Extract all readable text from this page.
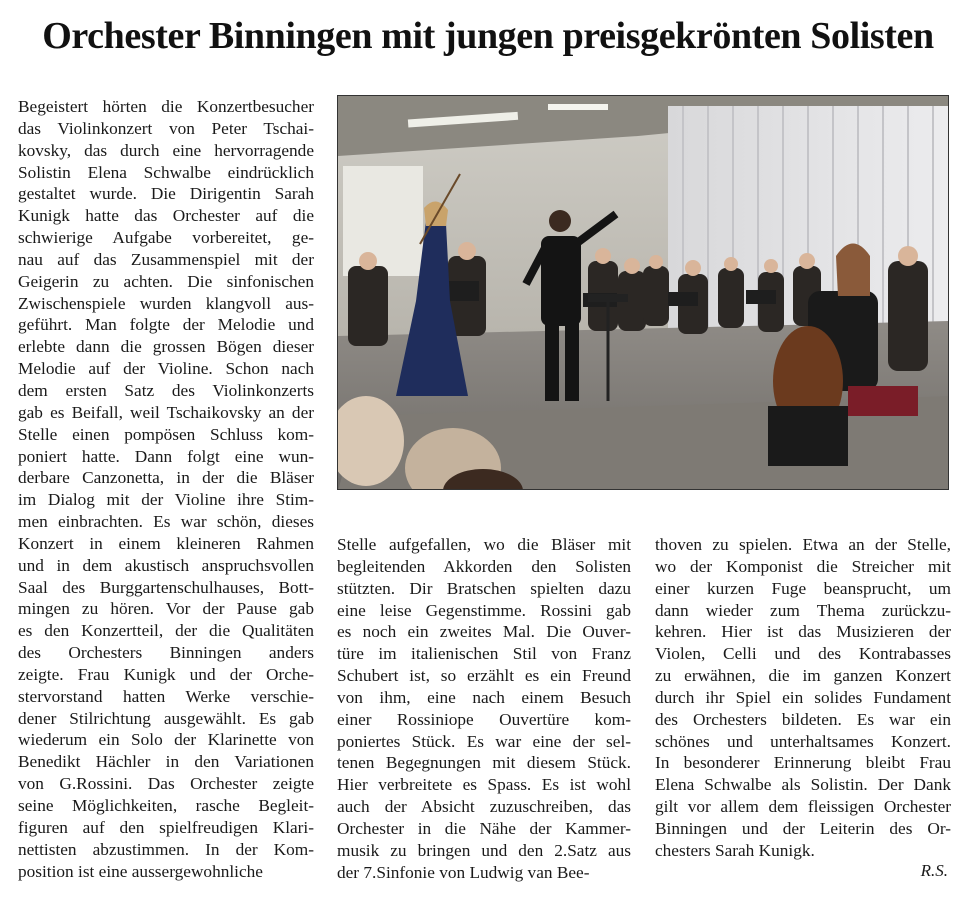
Orchester Binningen mit jungen preisgekrönten Solisten

Begeistert hörten die Konzertbesucher
das Violinkonzert von Peter Tschai-
kovsky, das durch eine hervorragende
Solistin Elena Schwalbe eindrücklich
gestaltet wurde. Die Dirigentin Sarah
Kunigk hatte das Orchester auf die
schwierige Aufgabe vorbereitet, ge-
nau auf das Zusammenspiel mit der
Geigerin zu achten. Die sinfonischen
Zwischenspiele wurden klangvoll aus-
geführt. Man folgte der Melodie und
erlebte dann die grossen Bögen dieser
Melodie auf der Violine. Schon nach
dem ersten Satz des Violinkonzerts
gab es Beifall, weil Tschaikovsky an der
Stelle einen pompösen Schluss kom-
poniert hatte. Dann folgt eine wun-
derbare Canzonetta, in der die Bläser
im Dialog mit der Violine ihre Stim-
men einbrachten. Es war schön, dieses
Konzert in einem kleineren Rahmen
und in dem akustisch anspruchsvollen
Saal des Burggartenschulhauses, Bott-
mingen zu hören. Vor der Pause gab
es den Konzertteil, der die Qualitäten
des Orchesters Binningen anders
zeigte. Frau Kunigk und der Orche-
stervorstand hatten Werke verschie-
dener Stilrichtung ausgewählt. Es gab
wiederum ein Solo der Klarinette von
Benedikt Hächler in den Variationen
von G.Rossini. Das Orchester zeigte
seine Möglichkeiten, rasche Begleit-
figuren auf den spielfreudigen Klari-
nettisten abzustimmen. In der Kom-
position ist eine aussergewohnliche

Stelle aufgefallen, wo die Bläser mit
begleitenden Akkorden den Solisten
stützten. Dir Bratschen spielten dazu
eine leise Gegenstimme. Rossini gab
es noch ein zweites Mal. Die Ouver-
türe im italienischen Stil von Franz
Schubert ist, so erzählt es ein Freund
von ihm, eine nach einem Besuch
einer Rossiniope Ouvertüre kom-
poniertes Stück. Es war eine der sel-
tenen Begegnungen mit diesem Stück.
Hier verbreitete es Spass. Es ist wohl
auch der Absicht zuzuschreiben, das
Orchester in die Nähe der Kammer-
musik zu bringen und den 2.Satz aus
der 7.Sinfonie von Ludwig van Bee-

thoven zu spielen. Etwa an der Stelle,
wo der Komponist die Streicher mit
einer kurzen Fuge beansprucht, um
dann wieder zum Thema zurückzu-
kehren. Hier ist das Musizieren der
Violen, Celli und des Kontrabasses
zu erwähnen, die im ganzen Konzert
durch ihr Spiel ein solides Fundament
des Orchesters bildeten. Es war ein
schönes und unterhaltsames Konzert.
In besonderer Erinnerung bleibt Frau
Elena Schwalbe als Solistin. Der Dank
gilt vor allem dem fleissigen Orchester
Binningen und der Leiterin des Or-
chesters Sarah Kunigk.

R.S.
